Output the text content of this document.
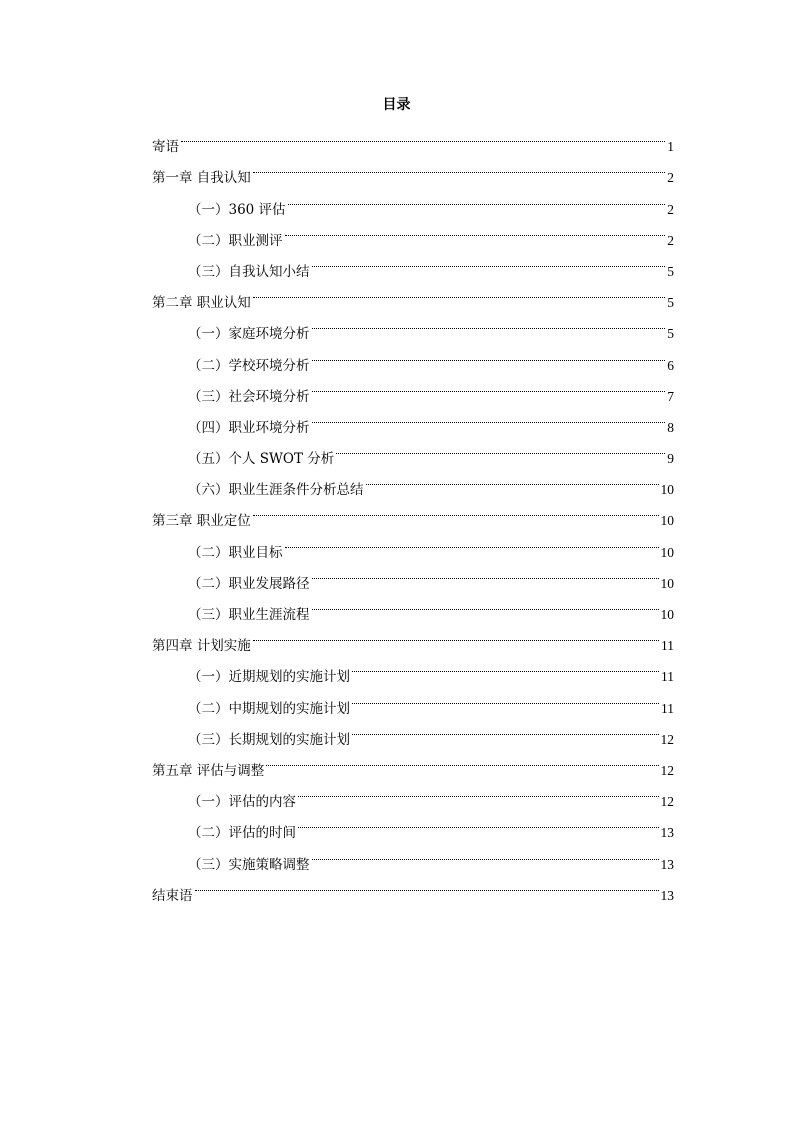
目录
寄语	1
第一章 自我认知	2
（一）360 评估	2
（二）职业测评	2
（三）自我认知小结	5
第二章 职业认知	5
（一）家庭环境分析	5
（二）学校环境分析	6
（三）社会环境分析	7
（四）职业环境分析	8
（五）个人 SWOT 分析	9
（六）职业生涯条件分析总结	10
第三章 职业定位	10
（二）职业目标	10
（二）职业发展路径	10
（三）职业生涯流程	10
第四章 计划实施	11
（一）近期规划的实施计划	11
（二）中期规划的实施计划	11
（三）长期规划的实施计划	12
第五章 评估与调整	12
（一）评估的内容	12
（二）评估的时间	13
（三）实施策略调整	13
结束语	13
